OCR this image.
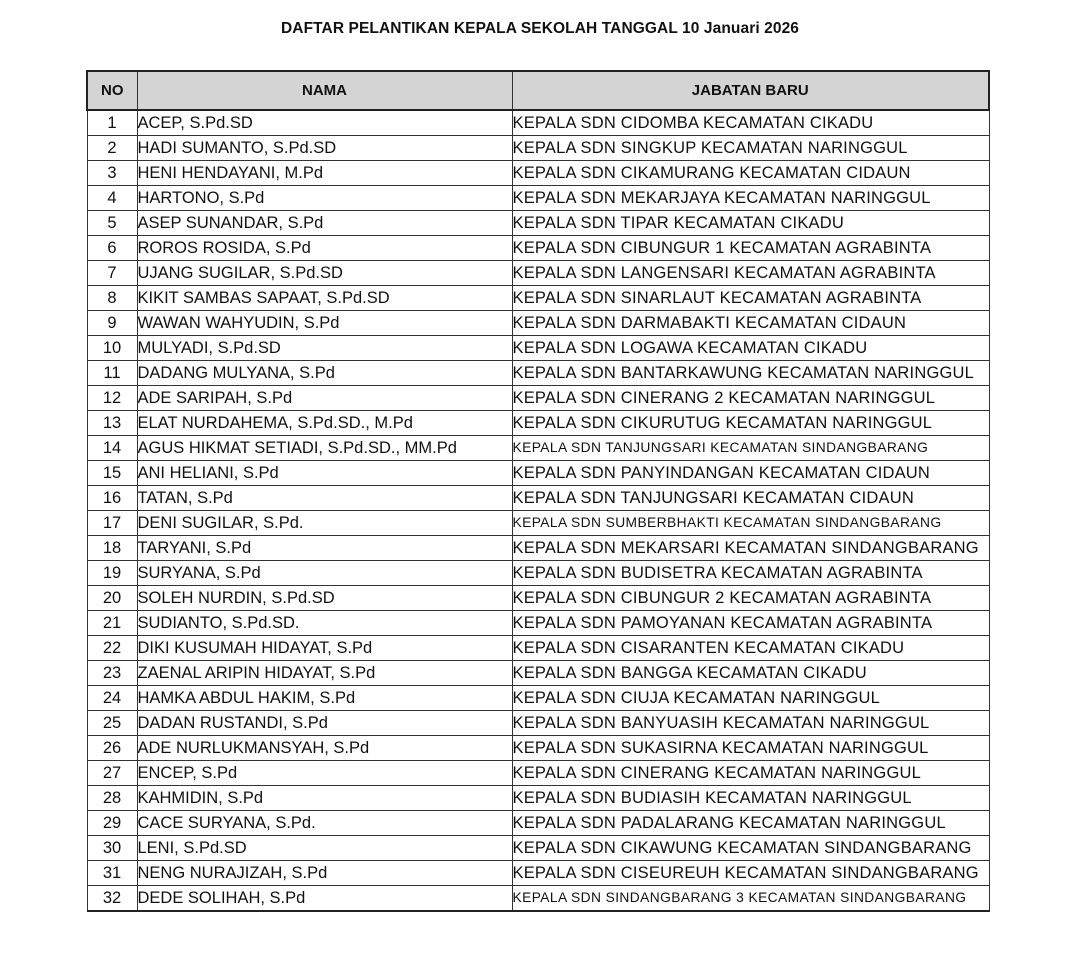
DAFTAR PELANTIKAN KEPALA SEKOLAH TANGGAL 10 Januari 2026
NO	NAMA	JABATAN BARU
1	ACEP, S.Pd.SD	KEPALA SDN CIDOMBA KECAMATAN CIKADU
2	HADI SUMANTO, S.Pd.SD	KEPALA SDN SINGKUP KECAMATAN NARINGGUL
3	HENI HENDAYANI, M.Pd	KEPALA SDN CIKAMURANG KECAMATAN CIDAUN
4	HARTONO, S.Pd	KEPALA SDN MEKARJAYA KECAMATAN NARINGGUL
5	ASEP SUNANDAR, S.Pd	KEPALA SDN TIPAR KECAMATAN CIKADU
6	ROROS ROSIDA, S.Pd	KEPALA SDN CIBUNGUR 1 KECAMATAN AGRABINTA
7	UJANG SUGILAR, S.Pd.SD	KEPALA SDN LANGENSARI KECAMATAN AGRABINTA
8	KIKIT SAMBAS SAPAAT, S.Pd.SD	KEPALA SDN SINARLAUT KECAMATAN AGRABINTA
9	WAWAN WAHYUDIN, S.Pd	KEPALA SDN DARMABAKTI KECAMATAN CIDAUN
10	MULYADI, S.Pd.SD	KEPALA SDN LOGAWA KECAMATAN CIKADU
11	DADANG MULYANA, S.Pd	KEPALA SDN BANTARKAWUNG KECAMATAN NARINGGUL
12	ADE SARIPAH, S.Pd	KEPALA SDN CINERANG 2 KECAMATAN NARINGGUL
13	ELAT NURDAHEMA, S.Pd.SD., M.Pd	KEPALA SDN CIKURUTUG KECAMATAN NARINGGUL
14	AGUS HIKMAT SETIADI, S.Pd.SD., MM.Pd	KEPALA SDN TANJUNGSARI KECAMATAN SINDANGBARANG
15	ANI HELIANI, S.Pd	KEPALA SDN PANYINDANGAN KECAMATAN CIDAUN
16	TATAN, S.Pd	KEPALA SDN TANJUNGSARI KECAMATAN CIDAUN
17	DENI SUGILAR, S.Pd.	KEPALA SDN SUMBERBHAKTI KECAMATAN SINDANGBARANG
18	TARYANI, S.Pd	KEPALA SDN MEKARSARI KECAMATAN SINDANGBARANG
19	SURYANA, S.Pd	KEPALA SDN BUDISETRA KECAMATAN AGRABINTA
20	SOLEH NURDIN, S.Pd.SD	KEPALA SDN CIBUNGUR 2 KECAMATAN AGRABINTA
21	SUDIANTO, S.Pd.SD.	KEPALA SDN PAMOYANAN KECAMATAN AGRABINTA
22	DIKI KUSUMAH HIDAYAT, S.Pd	KEPALA SDN CISARANTEN KECAMATAN CIKADU
23	ZAENAL ARIPIN HIDAYAT, S.Pd	KEPALA SDN BANGGA KECAMATAN CIKADU
24	HAMKA ABDUL HAKIM, S.Pd	KEPALA SDN CIUJA KECAMATAN NARINGGUL
25	DADAN RUSTANDI, S.Pd	KEPALA SDN BANYUASIH KECAMATAN NARINGGUL
26	ADE NURLUKMANSYAH, S.Pd	KEPALA SDN SUKASIRNA KECAMATAN NARINGGUL
27	ENCEP, S.Pd	KEPALA SDN CINERANG KECAMATAN NARINGGUL
28	KAHMIDIN, S.Pd	KEPALA SDN BUDIASIH KECAMATAN NARINGGUL
29	CACE SURYANA, S.Pd.	KEPALA SDN PADALARANG KECAMATAN NARINGGUL
30	LENI, S.Pd.SD	KEPALA SDN CIKAWUNG KECAMATAN SINDANGBARANG
31	NENG NURAJIZAH, S.Pd	KEPALA SDN CISEUREUH KECAMATAN SINDANGBARANG
32	DEDE SOLIHAH, S.Pd	KEPALA SDN SINDANGBARANG 3 KECAMATAN SINDANGBARANG
